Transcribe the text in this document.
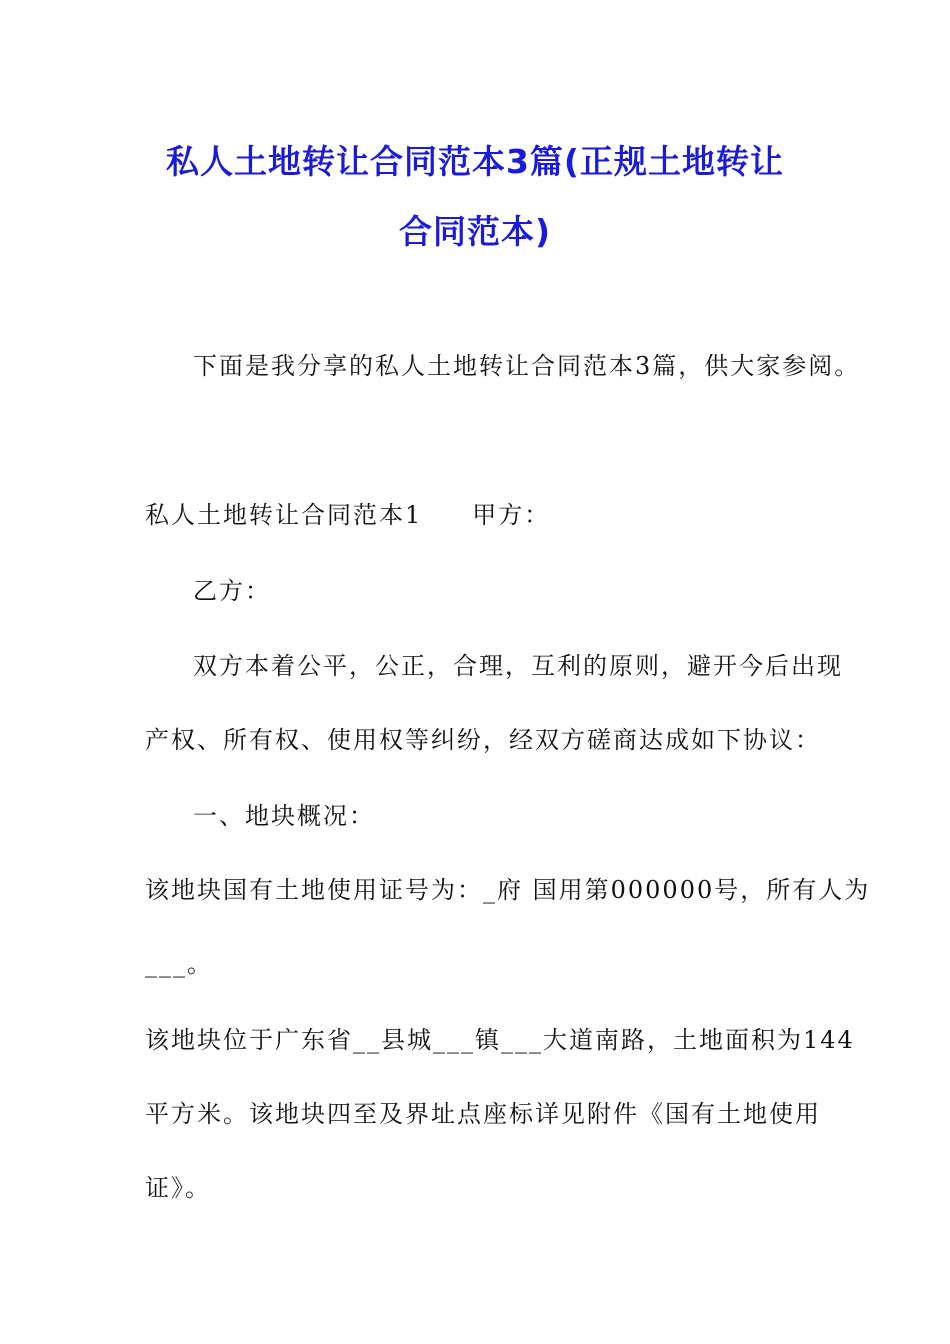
私人土地转让合同范本3篇(正规土地转让
合同范本)
下面是我分享的私人土地转让合同范本3篇，供大家参阅。
私人土地转让合同范本1 甲方：
乙方：
双方本着公平，公正，合理，互利的原则，避开今后出现
产权、所有权、使用权等纠纷，经双方磋商达成如下协议：
一、地块概况：
该地块国有土地使用证号为：_府 国用第000000号，所有人为
___。
该地块位于广东省__县城___镇___大道南路，土地面积为144
平方米。该地块四至及界址点座标详见附件《国有土地使用
证》。
